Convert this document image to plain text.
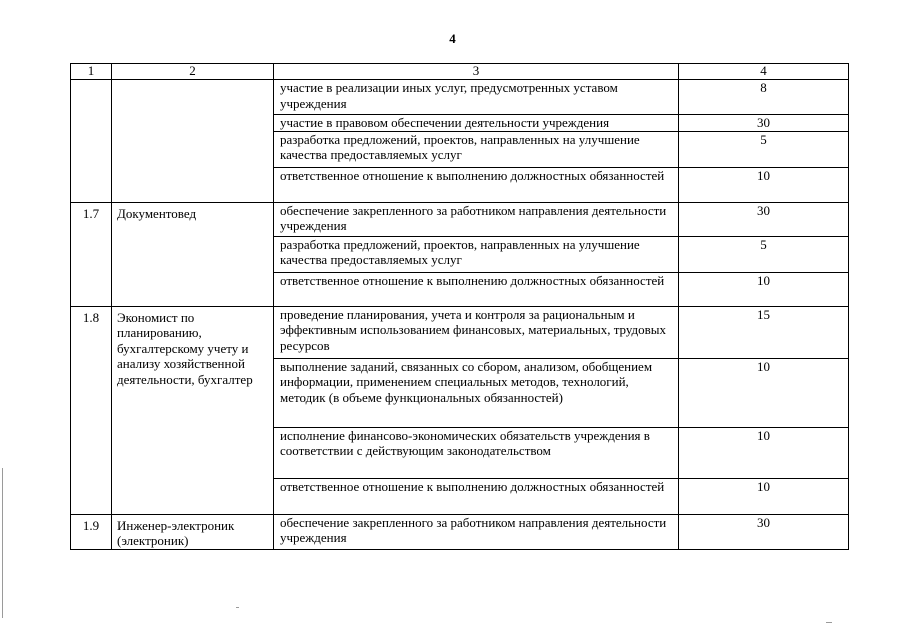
4
1	2	3	4
		участие в реализации иных услуг, предусмотренных уставом учреждения	8
		участие в правовом обеспечении деятельности учреждения	30
		разработка предложений, проектов, направленных на улучшение качества предоставляемых услуг	5
		ответственное отношение к выполнению должностных обязанностей	10
1.7	Документовед	обеспечение закрепленного за работником направления деятельности учреждения	30
		разработка предложений, проектов, направленных на улучшение качества предоставляемых услуг	5
		ответственное отношение к выполнению должностных обязанностей	10
1.8	Экономист по планированию, бухгалтерскому учету и анализу хозяйственной деятельности, бухгалтер	проведение планирования, учета и контроля за рациональным и эффективным использованием финансовых, материальных, трудовых ресурсов	15
		выполнение заданий, связанных со сбором, анализом, обобщением информации, применением специальных методов, технологий, методик (в объеме функциональных обязанностей)	10
		исполнение финансово-экономических обязательств учреждения в соответствии с действующим законодательством	10
		ответственное отношение к выполнению должностных обязанностей	10
1.9	Инженер-электроник (электроник)	обеспечение закрепленного за работником направления деятельности учреждения	30
